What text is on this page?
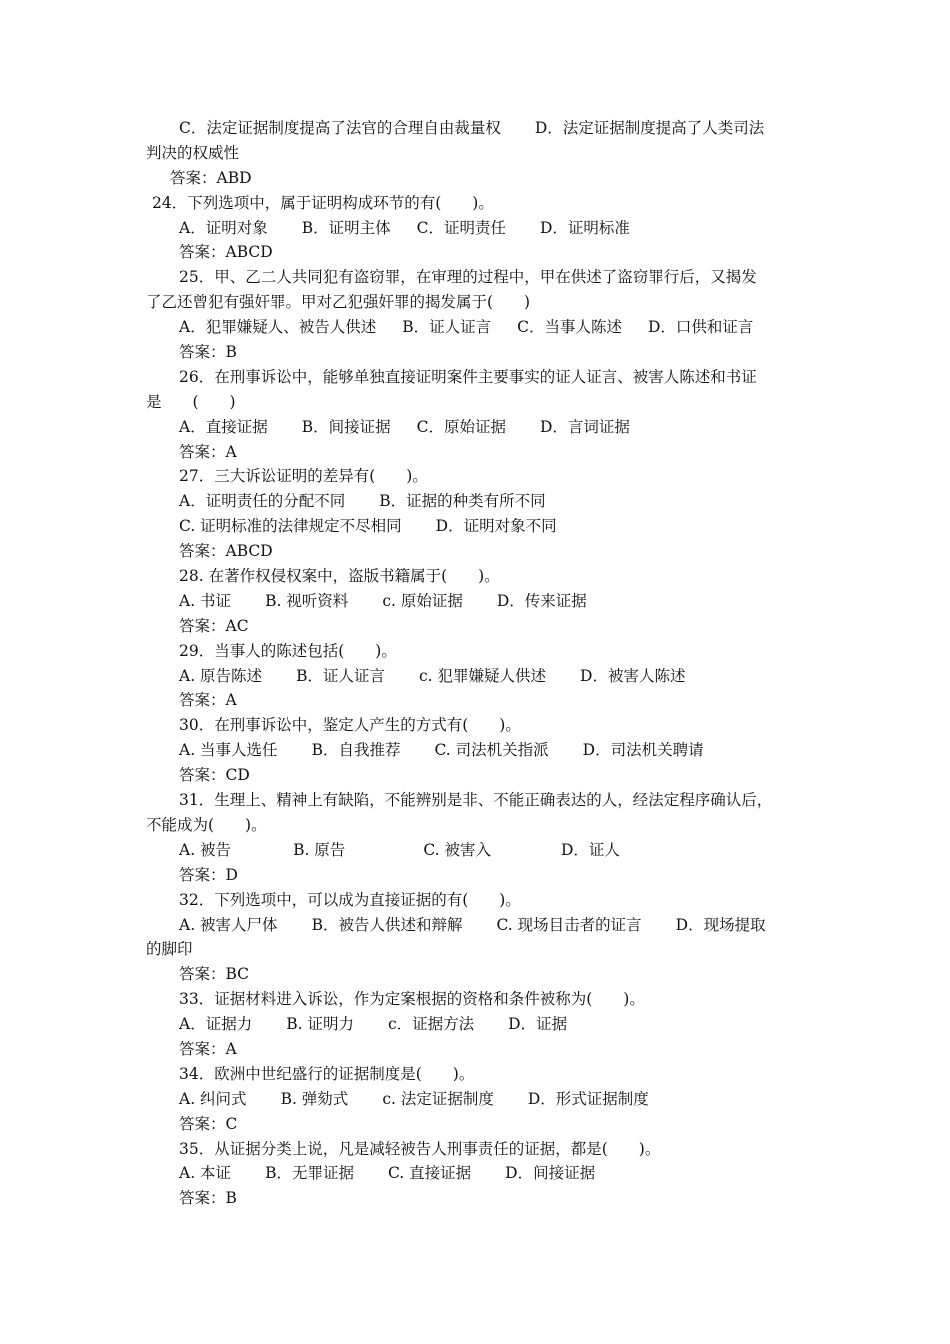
C．法定证据制度提高了法官的合理自由裁量权 D．法定证据制度提高了人类司法
判决的权威性
答案：ABD
24．下列选项中，属于证明构成环节的有(　　)。
A．证明对象 B．证明主体 C．证明责任 D．证明标准
答案：ABCD
25．甲、乙二人共同犯有盗窃罪，在审理的过程中，甲在供述了盗窃罪行后，又揭发
了乙还曾犯有强奸罪。甲对乙犯强奸罪的揭发属于(　　)
A．犯罪嫌疑人、被告人供述 B．证人证言 C．当事人陈述 D．口供和证言
答案：B
26．在刑事诉讼中，能够单独直接证明案件主要事实的证人证言、被害人陈述和书证
是　　(　　)
A．直接证据 B．间接证据 C．原始证据 D．言词证据
答案：A
27．三大诉讼证明的差异有(　　)。
A．证明责任的分配不同 B．证据的种类有所不同
C. 证明标准的法律规定不尽相同 D．证明对象不同
答案：ABCD
28. 在著作权侵权案中，盗版书籍属于(　　)。
A. 书证 B. 视听资料 c. 原始证据 D．传来证据
答案：AC
29．当事人的陈述包括(　　)。
A. 原告陈述 B．证人证言 c. 犯罪嫌疑人供述 D．被害人陈述
答案：A
30．在刑事诉讼中，鉴定人产生的方式有(　　)。
A. 当事人选任 B．自我推荐 C. 司法机关指派 D．司法机关聘请
答案：CD
31．生理上、精神上有缺陷，不能辨别是非、不能正确表达的人，经法定程序确认后，
不能成为(　　)。
A. 被告	B. 原告	C. 被害入	D．证人
答案：D
32．下列选项中，可以成为直接证据的有(　　)。
A. 被害人尸体 B．被告人供述和辩解 C. 现场目击者的证言 D．现场提取
的脚印
答案：BC
33．证据材料进入诉讼，作为定案根据的资格和条件被称为(　　)。
A．证据力 B. 证明力 c．证据方法 D．证据
答案：A
34．欧洲中世纪盛行的证据制度是(　　)。
A. 纠问式 B. 弹劾式 c. 法定证据制度 D．形式证据制度
答案：C
35．从证据分类上说，凡是减轻被告人刑事责任的证据，都是(　　)。
A. 本证 B．无罪证据 C. 直接证据 D．间接证据
答案：B
